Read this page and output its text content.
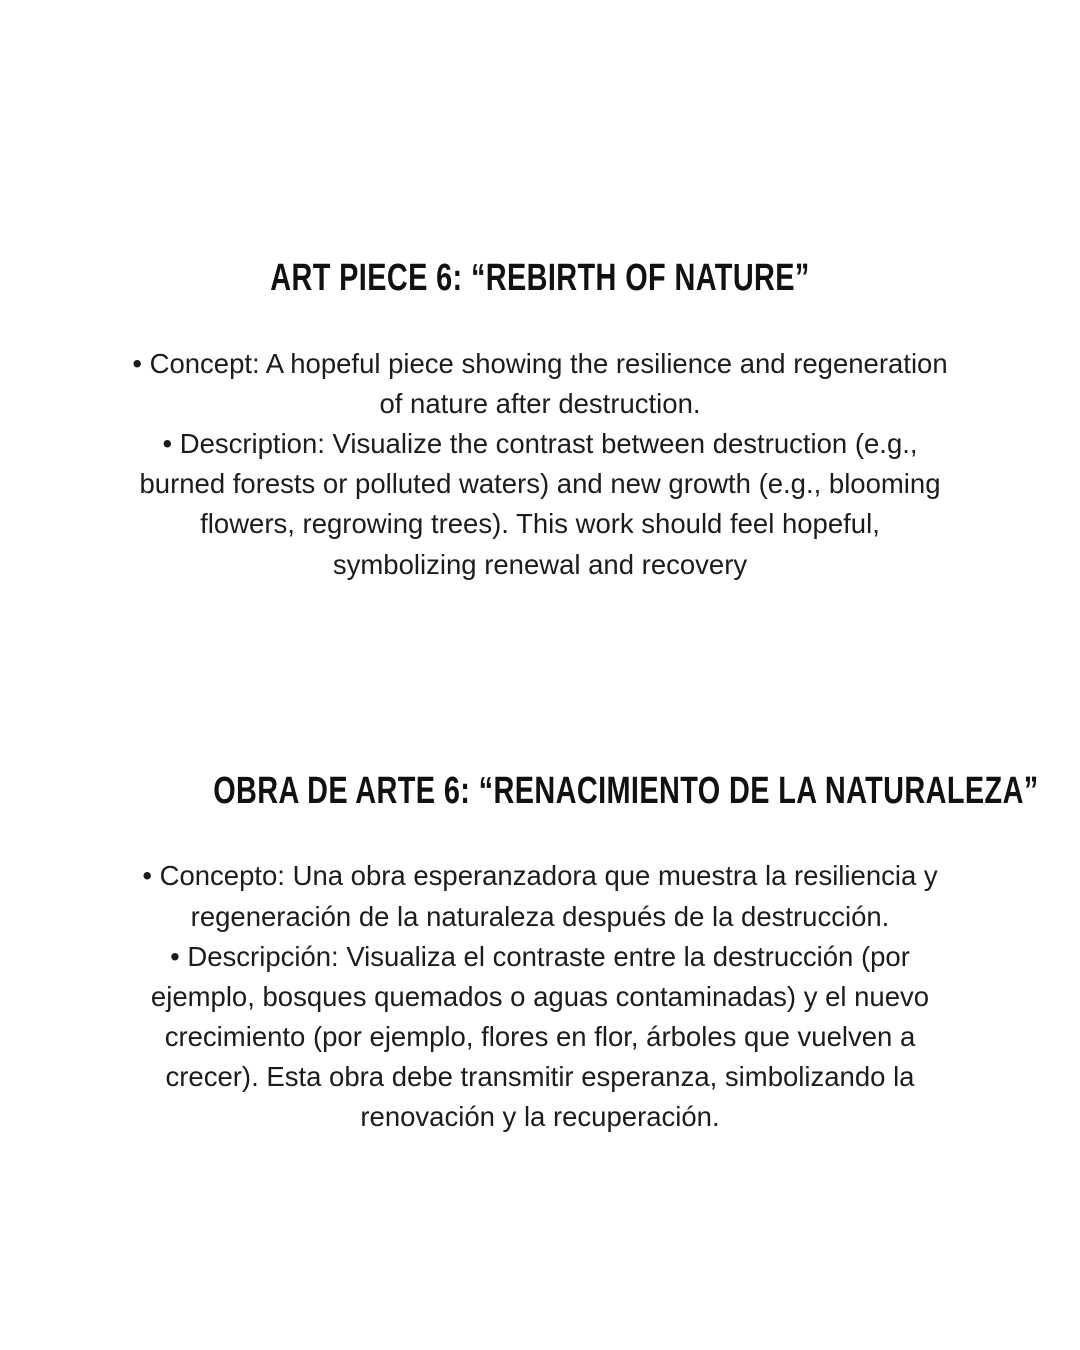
ART PIECE 6: “REBIRTH OF NATURE”

• Concept: A hopeful piece showing the resilience and regeneration of nature after destruction.

• Description: Visualize the contrast between destruction (e.g., burned forests or polluted waters) and new growth (e.g., blooming flowers, regrowing trees). This work should feel hopeful, symbolizing renewal and recovery

OBRA DE ARTE 6: “RENACIMIENTO DE LA NATURALEZA”

• Concepto: Una obra esperanzadora que muestra la resiliencia y regeneración de la naturaleza después de la destrucción.

• Descripción: Visualiza el contraste entre la destrucción (por ejemplo, bosques quemados o aguas contaminadas) y el nuevo crecimiento (por ejemplo, flores en flor, árboles que vuelven a crecer). Esta obra debe transmitir esperanza, simbolizando la renovación y la recuperación.
